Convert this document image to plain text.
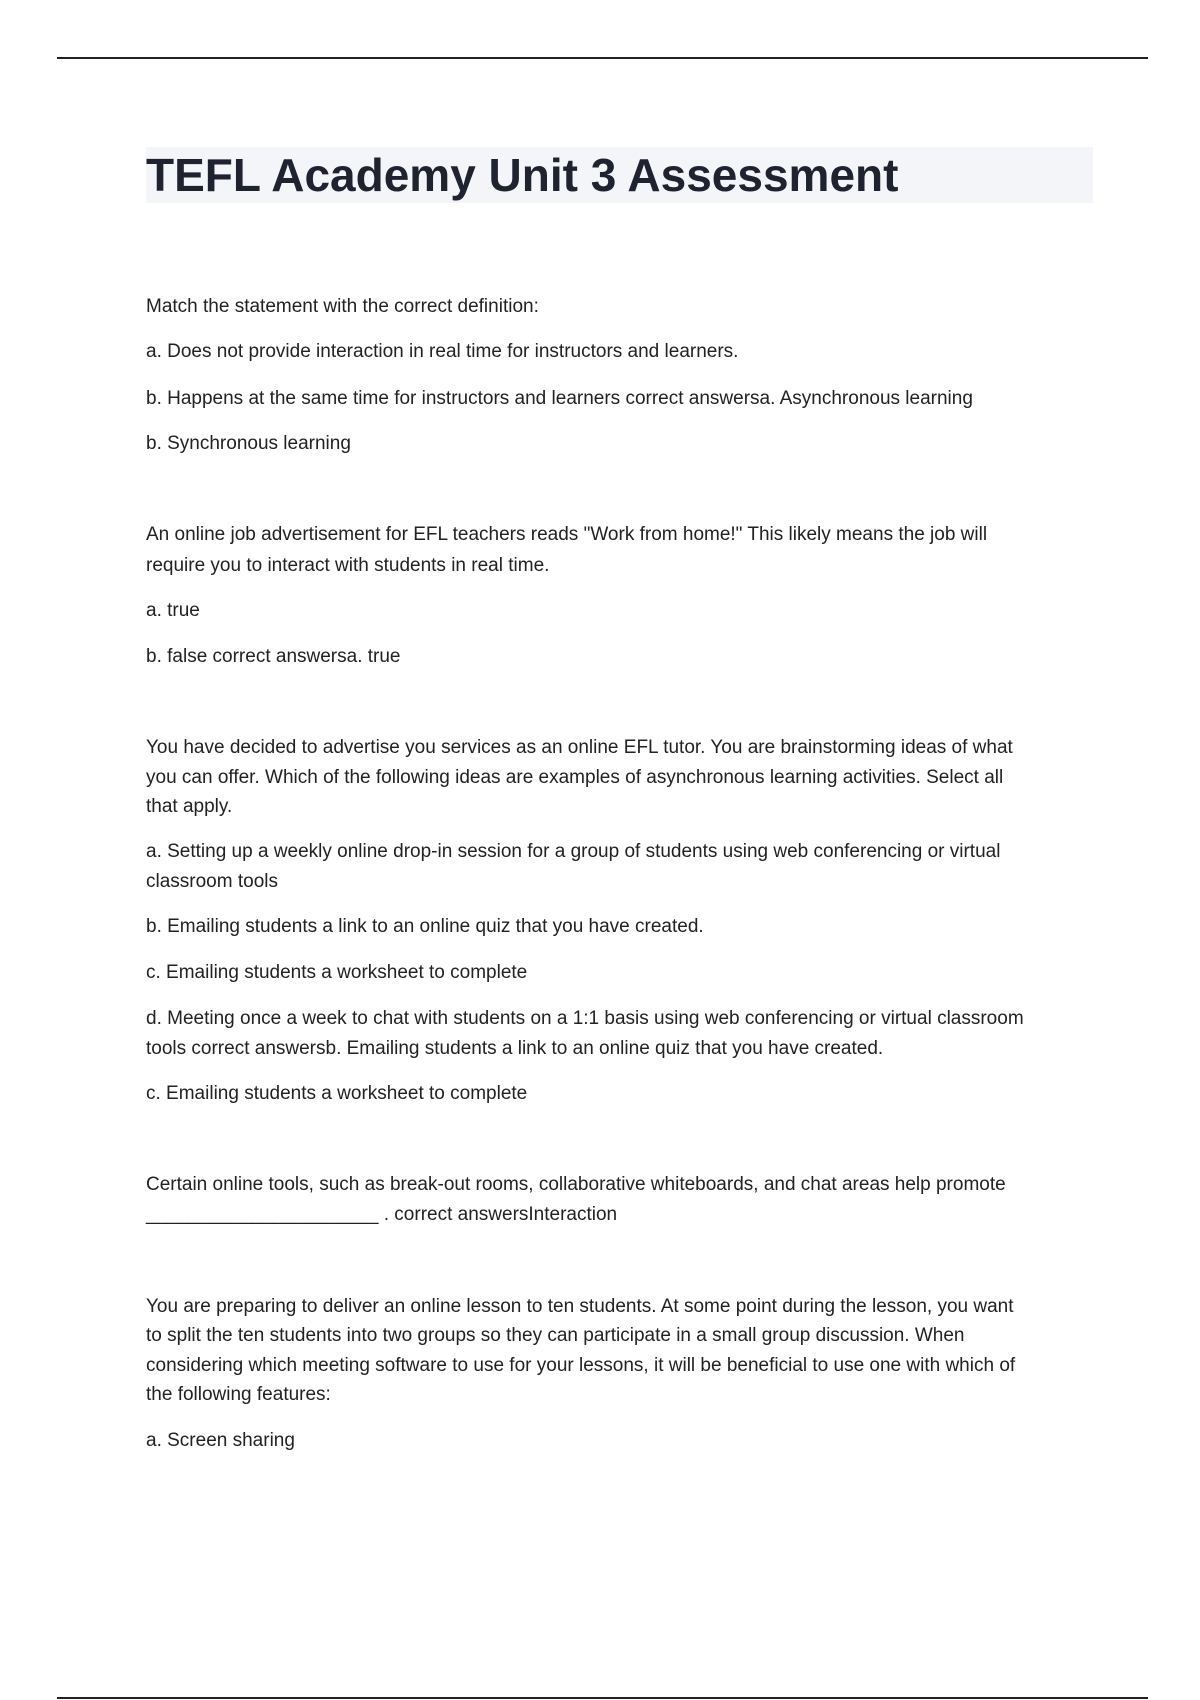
TEFL Academy Unit 3 Assessment
Match the statement with the correct definition:
a. Does not provide interaction in real time for instructors and learners.
b. Happens at the same time for instructors and learners correct answersa. Asynchronous learning
b. Synchronous learning
An online job advertisement for EFL teachers reads "Work from home!" This likely means the job will
require you to interact with students in real time.
a. true
b. false correct answersa. true
You have decided to advertise you services as an online EFL tutor. You are brainstorming ideas of what
you can offer. Which of the following ideas are examples of asynchronous learning activities. Select all
that apply.
a. Setting up a weekly online drop-in session for a group of students using web conferencing or virtual
classroom tools
b. Emailing students a link to an online quiz that you have created.
c. Emailing students a worksheet to complete
d. Meeting once a week to chat with students on a 1:1 basis using web conferencing or virtual classroom
tools correct answersb. Emailing students a link to an online quiz that you have created.
c. Emailing students a worksheet to complete
Certain online tools, such as break-out rooms, collaborative whiteboards, and chat areas help promote
______________________ . correct answersInteraction
You are preparing to deliver an online lesson to ten students. At some point during the lesson, you want
to split the ten students into two groups so they can participate in a small group discussion. When
considering which meeting software to use for your lessons, it will be beneficial to use one with which of
the following features:
a. Screen sharing
